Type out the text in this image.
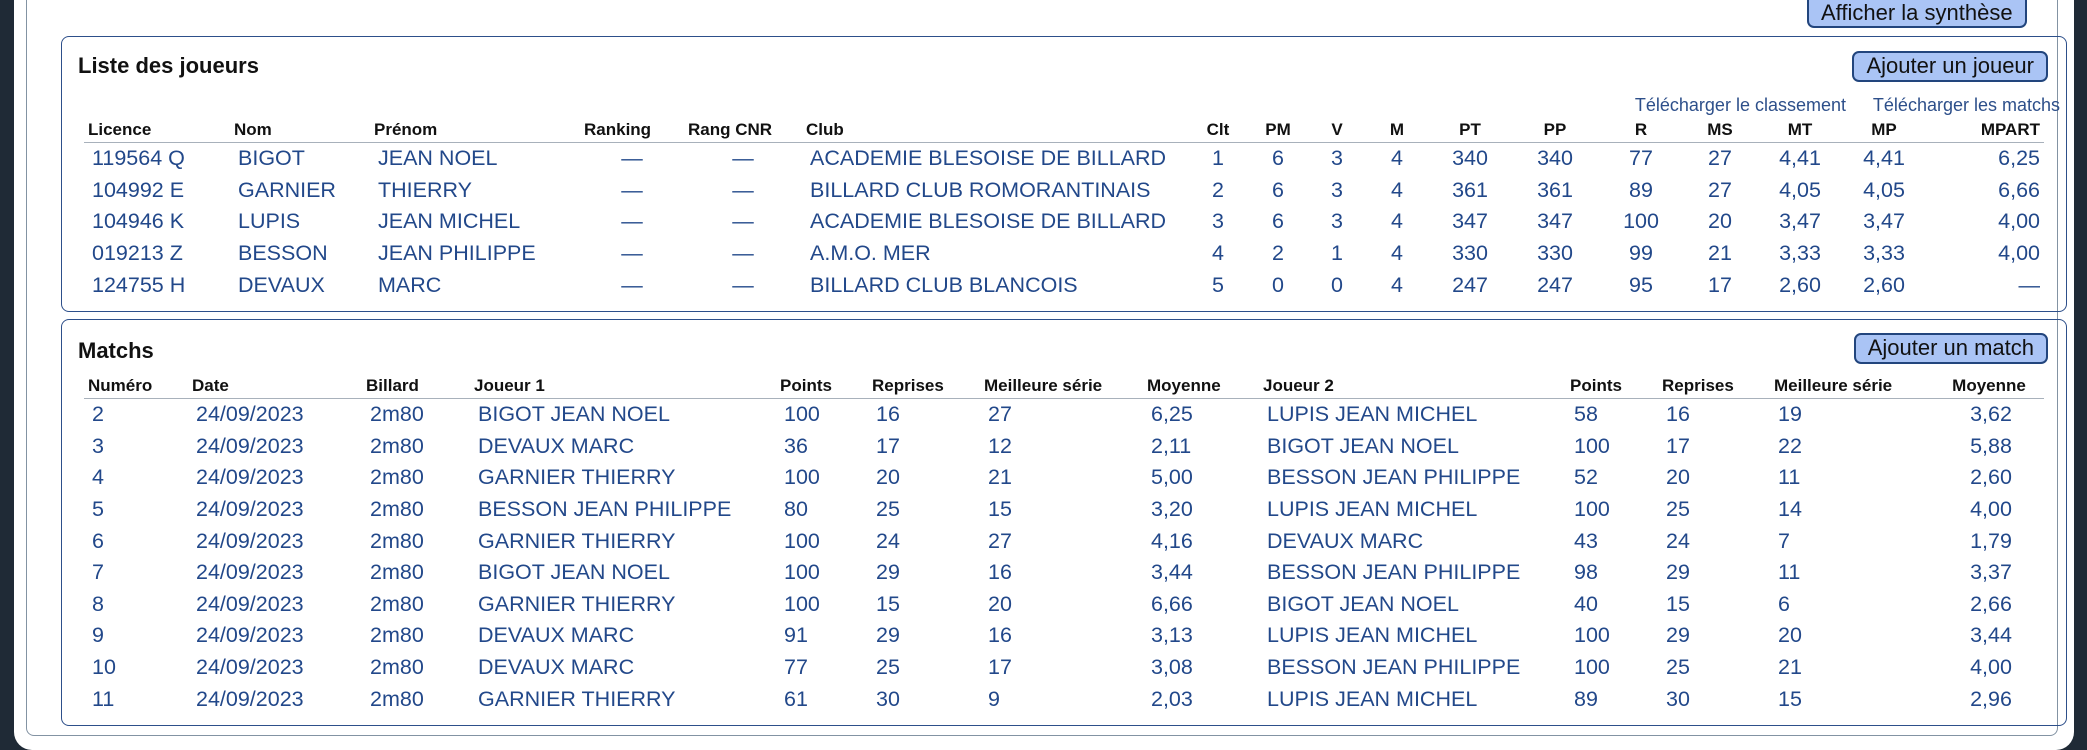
Afficher la synthèse
Liste des joueurs	Ajouter un joueur
Télécharger le classement Télécharger les matchs
Licence	Nom	Prénom	Ranking	Rang CNR	Club	Clt	PM	V	M	PT	PP	R	MS	MT	MP	MPART
119564 Q	BIGOT	JEAN NOEL	—	—	ACADEMIE BLESOISE DE BILLARD	1	6	3	4	340	340	77	27	4,41	4,41	6,25
104992 E	GARNIER	THIERRY	—	—	BILLARD CLUB ROMORANTINAIS	2	6	3	4	361	361	89	27	4,05	4,05	6,66
104946 K	LUPIS	JEAN MICHEL	—	—	ACADEMIE BLESOISE DE BILLARD	3	6	3	4	347	347	100	20	3,47	3,47	4,00
019213 Z	BESSON	JEAN PHILIPPE	—	—	A.M.O. MER	4	2	1	4	330	330	99	21	3,33	3,33	4,00
124755 H	DEVAUX	MARC	—	—	BILLARD CLUB BLANCOIS	5	0	0	4	247	247	95	17	2,60	2,60	—
Matchs	Ajouter un match
Numéro	Date	Billard	Joueur 1	Points	Reprises	Meilleure série	Moyenne	Joueur 2	Points	Reprises	Meilleure série	Moyenne
2	24/09/2023	2m80	BIGOT JEAN NOEL	100	16	27	6,25	LUPIS JEAN MICHEL	58	16	19	3,62
3	24/09/2023	2m80	DEVAUX MARC	36	17	12	2,11	BIGOT JEAN NOEL	100	17	22	5,88
4	24/09/2023	2m80	GARNIER THIERRY	100	20	21	5,00	BESSON JEAN PHILIPPE	52	20	11	2,60
5	24/09/2023	2m80	BESSON JEAN PHILIPPE	80	25	15	3,20	LUPIS JEAN MICHEL	100	25	14	4,00
6	24/09/2023	2m80	GARNIER THIERRY	100	24	27	4,16	DEVAUX MARC	43	24	7	1,79
7	24/09/2023	2m80	BIGOT JEAN NOEL	100	29	16	3,44	BESSON JEAN PHILIPPE	98	29	11	3,37
8	24/09/2023	2m80	GARNIER THIERRY	100	15	20	6,66	BIGOT JEAN NOEL	40	15	6	2,66
9	24/09/2023	2m80	DEVAUX MARC	91	29	16	3,13	LUPIS JEAN MICHEL	100	29	20	3,44
10	24/09/2023	2m80	DEVAUX MARC	77	25	17	3,08	BESSON JEAN PHILIPPE	100	25	21	4,00
11	24/09/2023	2m80	GARNIER THIERRY	61	30	9	2,03	LUPIS JEAN MICHEL	89	30	15	2,96
